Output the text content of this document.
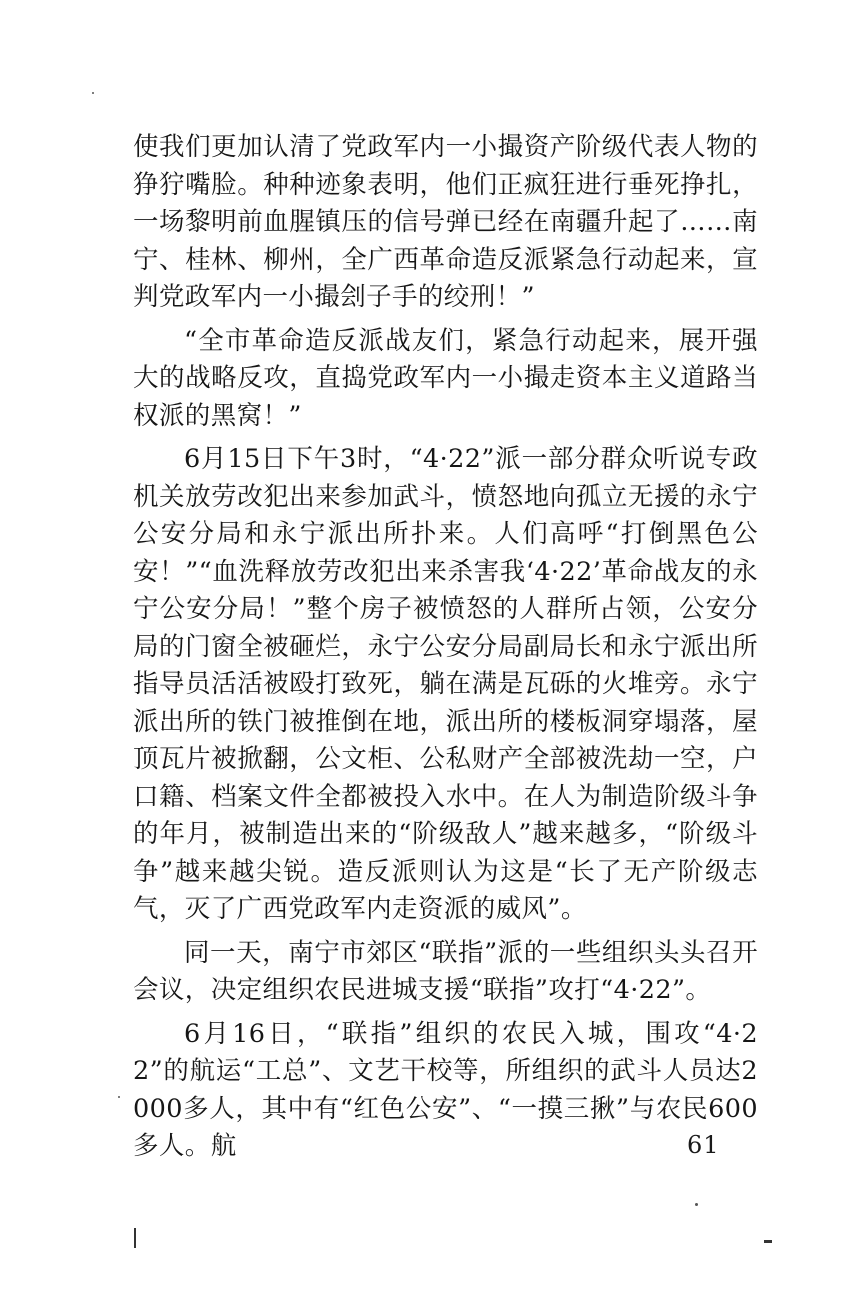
使我们更加认清了党政军内一小撮资产阶级代表人物的狰狞嘴脸。种种迹象表明，他们正疯狂进行垂死挣扎，一场黎明前血腥镇压的信号弹已经在南疆升起了……南宁、桂林、柳州，全广西革命造反派紧急行动起来，宣判党政军内一小撮刽子手的绞刑！”

“全市革命造反派战友们，紧急行动起来，展开强大的战略反攻，直捣党政军内一小撮走资本主义道路当权派的黑窝！”

6月15日下午3时，“4·22”派一部分群众听说专政机关放劳改犯出来参加武斗，愤怒地向孤立无援的永宁公安分局和永宁派出所扑来。人们高呼“打倒黑色公安！”“血洗释放劳改犯出来杀害我‘4·22’革命战友的永宁公安分局！”整个房子被愤怒的人群所占领，公安分局的门窗全被砸烂，永宁公安分局副局长和永宁派出所指导员活活被殴打致死，躺在满是瓦砾的火堆旁。永宁派出所的铁门被推倒在地，派出所的楼板洞穿塌落，屋顶瓦片被掀翻，公文柜、公私财产全部被洗劫一空，户口籍、档案文件全都被投入水中。在人为制造阶级斗争的年月，被制造出来的“阶级敌人”越来越多，“阶级斗争”越来越尖锐。造反派则认为这是“长了无产阶级志气，灭了广西党政军内走资派的威风”。

同一天，南宁市郊区“联指”派的一些组织头头召开会议，决定组织农民进城支援“联指”攻打“4·22”。

6月16日，“联指”组织的农民入城，围攻“4·22”的航运“工总”、文艺干校等，所组织的武斗人员达2000多人，其中有“红色公安”、“一摸三揪”与农民600多人。航	61
